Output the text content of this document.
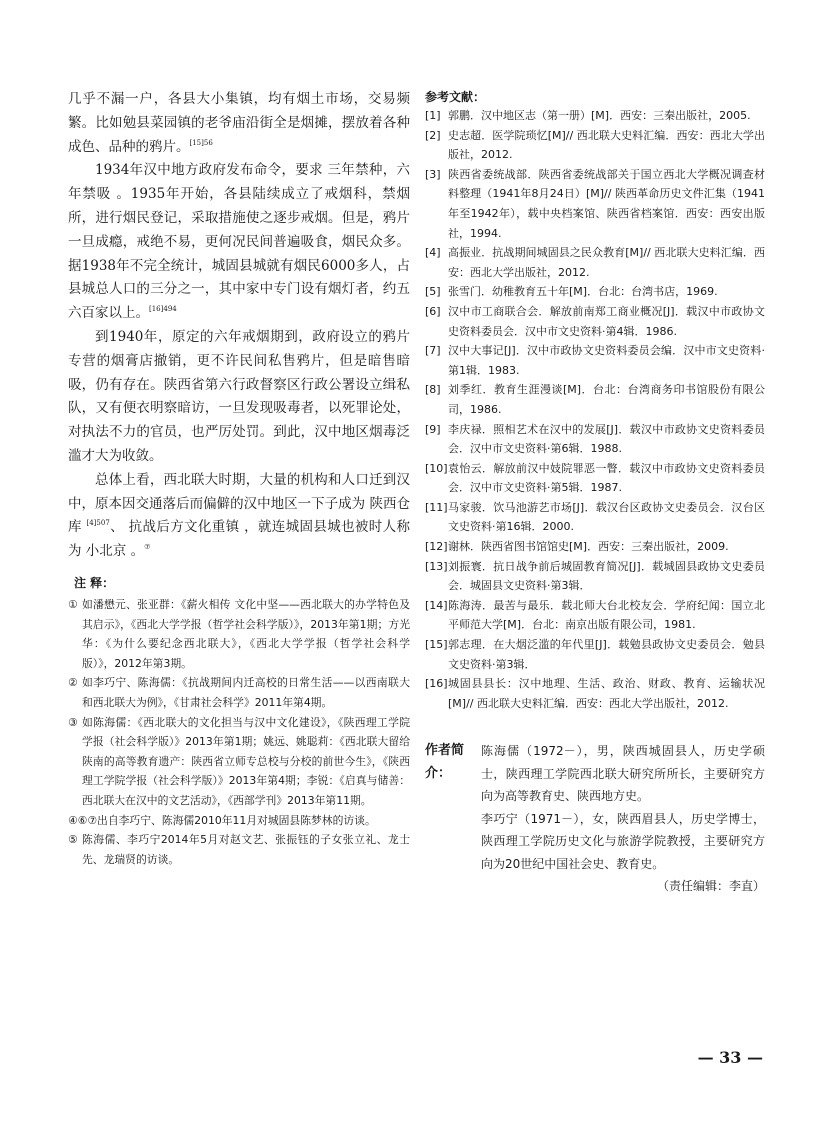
几乎不漏一户，各县大小集镇，均有烟土市场，交易频繁。比如勉县菜园镇的老爷庙沿街全是烟摊，摆放着各种成色、品种的鸦片。$^{[15]56}$

1934年汉中地方政府发布命令，要求 三年禁种，六年禁吸 。1935年开始，各县陆续成立了戒烟科，禁烟所，进行烟民登记，采取措施使之逐步戒烟。但是，鸦片一旦成瘾，戒绝不易，更何况民间普遍吸食，烟民众多。据1938年不完全统计，城固县城就有烟民6000多人，占县城总人口的三分之一，其中家中专门设有烟灯者，约五六百家以上。$^{[16]494}$

到1940年，原定的六年戒烟期到，政府设立的鸦片专营的烟膏店撤销，更不许民间私售鸦片，但是暗售暗吸，仍有存在。陕西省第六行政督察区行政公署设立缉私队，又有便衣明察暗访，一旦发现吸毒者，以死罪论处，对执法不力的官员，也严厉处罚。到此，汉中地区烟毒泛滥才大为收敛。

总体上看，西北联大时期，大量的机构和人口迁到汉中，原本因交通落后而偏僻的汉中地区一下子成为 陕西仓库 $^{[4]507}$、 抗战后方文化重镇 ，就连城固县城也被时人称为 小北京 。⑦

注 释：
① 如潘懋元、张亚群：《薪火相传 文化中坚——西北联大的办学特色及其启示》，《西北大学学报（哲学社会科学版）》，2013年第1期；方光华：《为什么要纪念西北联大》，《西北大学学报（哲学社会科学版）》，2012年第3期。
② 如李巧宁、陈海儒：《抗战期间内迁高校的日常生活——以西南联大和西北联大为例》，《甘肃社会科学》2011年第4期。
③ 如陈海儒：《西北联大的文化担当与汉中文化建设》，《陕西理工学院学报（社会科学版）》2013年第1期；姚远、姚聪莉：《西北联大留给陕南的高等教育遗产：陕西省立师专总校与分校的前世今生》，《陕西理工学院学报（社会科学版）》2013年第4期；李锐：《启真与储善：西北联大在汉中的文艺活动》，《西部学刊》2013年第11期。
④⑥⑦ 出自李巧宁、陈海儒2010年11月对城固县陈梦林的访谈。
⑤ 陈海儒、李巧宁2014年5月对赵文艺、张振钰的子女张立礼、龙士先、龙瑞贤的访谈。
参考文献：
[1] 郭鹏．汉中地区志（第一册）[M]．西安：三秦出版社，2005.
[2] 史志超．医学院琐忆[M]// 西北联大史料汇编．西安：西北大学出版社，2012.
[3] 陕西省委统战部．陕西省委统战部关于国立西北大学概况调查材料整理（1941年8月24日）[M]// 陕西革命历史文件汇集（1941年至1942年），载中央档案馆、陕西省档案馆．西安：西安出版社，1994.
[4] 高振业．抗战期间城固县之民众教育[M]// 西北联大史料汇编．西安：西北大学出版社，2012.
[5] 张雪门．幼稚教育五十年[M]．台北：台湾书店，1969.
[6] 汉中市工商联合会．解放前南郑工商业概况[J]．载汉中市政协文史资料委员会．汉中市文史资料·第4辑．1986.
[7] 汉中大事记[J]．汉中市政协文史资料委员会编．汉中市文史资料·第1辑．1983.
[8] 刘季红．教育生涯漫谈[M]．台北：台湾商务印书馆股份有限公司，1986.
[9] 李庆禄．照相艺术在汉中的发展[J]．载汉中市政协文史资料委员会．汉中市文史资料·第6辑．1988.
[10] 袁怡云．解放前汉中妓院罪恶一瞥．载汉中市政协文史资料委员会．汉中市文史资料·第5辑．1987.
[11] 马家骏．饮马池游艺市场[J]．载汉台区政协文史委员会．汉台区文史资料·第16辑．2000.
[12] 谢林．陕西省图书馆馆史[M]．西安：三秦出版社，2009.
[13] 刘振寰．抗日战争前后城固教育简况[J]．载城固县政协文史委员会．城固县文史资料·第3辑．
[14] 陈海涛．最苦与最乐．载北师大台北校友会．学府纪闻：国立北平师范大学[M]．台北：南京出版有限公司，1981.
[15] 郭志理．在大烟泛滥的年代里[J]．载勉县政协文史委员会．勉县文史资料·第3辑．
[16] 城固县县长：汉中地理、生活、政治、财政、教育、运输状况[M]// 西北联大史料汇编．西安：西北大学出版社，2012.
作者简介：
陈海儒（1972－），男，陕西城固县人，历史学硕士，陕西理工学院西北联大研究所所长，主要研究方向为高等教育史、陕西地方史。
李巧宁（1971－），女，陕西眉县人，历史学博士，陕西理工学院历史文化与旅游学院教授，主要研究方向为20世纪中国社会史、教育史。
（责任编辑：李直）
— 33 —
